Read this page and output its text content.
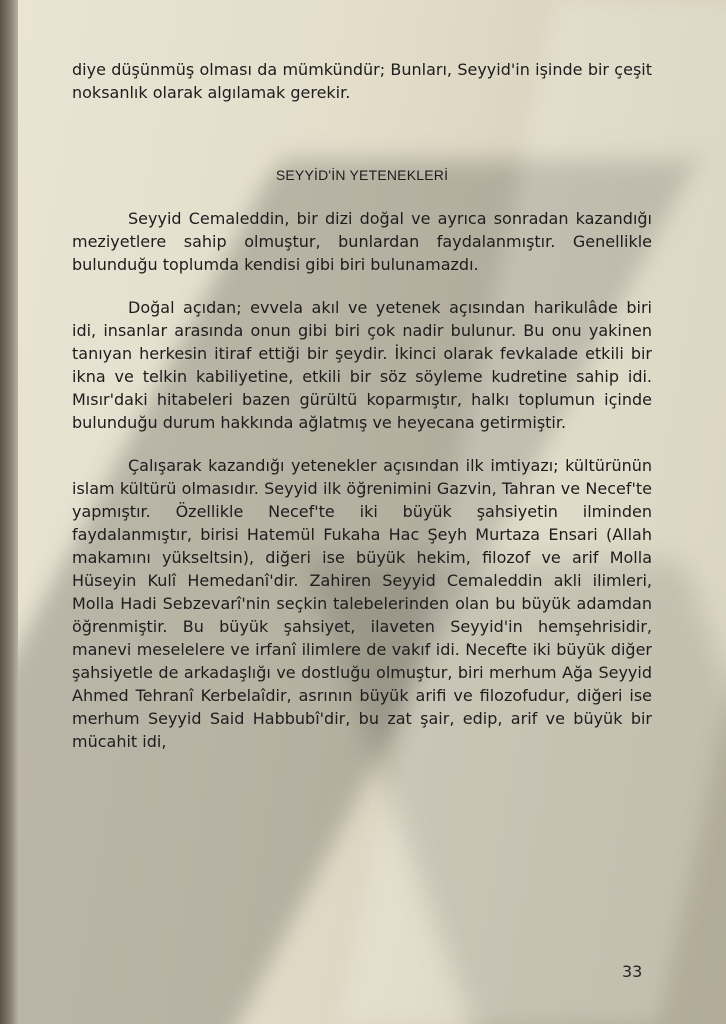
diye düşünmüş olması da mümkündür; Bunları, Seyyid'in işinde bir çeşit noksanlık olarak algılamak gerekir.

SEYYİD'İN YETENEKLERİ

Seyyid Cemaleddin, bir dizi doğal ve ayrıca sonradan kazandığı meziyetlere sahip olmuştur, bunlardan faydalanmıştır. Genellikle bulunduğu toplumda kendisi gibi biri bulunamazdı.

Doğal açıdan; evvela akıl ve yetenek açısından harikulâde biri idi, insanlar arasında onun gibi biri çok nadir bulunur. Bu onu yakinen tanıyan herkesin itiraf ettiği bir şeydir. İkinci olarak fevkalade etkili bir ikna ve telkin kabiliyetine, etkili bir söz söyleme kudretine sahip idi. Mısır'daki hitabeleri bazen gürültü koparmıştır, halkı toplumun içinde bulunduğu durum hakkında ağlatmış ve heyecana getirmiştir.

Çalışarak kazandığı yetenekler açısından ilk imtiyazı; kültürünün islam kültürü olmasıdır. Seyyid ilk öğrenimini Gazvin, Tahran ve Necef'te yapmıştır. Özellikle Necef'te iki büyük şahsiyetin ilminden faydalanmıştır, birisi Hatemül Fukaha Hac Şeyh Murtaza Ensari (Allah makamını yükseltsin), diğeri ise büyük hekim, filozof ve arif Molla Hüseyin Kulî Hemedanî'dir. Zahiren Seyyid Cemaleddin akli ilimleri, Molla Hadi Sebzevarî'nin seçkin talebelerinden olan bu büyük adamdan öğrenmiştir. Bu büyük şahsiyet, ilaveten Seyyid'in hemşehrisidir, manevi meselelere ve irfanî ilimlere de vakıf idi. Necefte iki büyük diğer şahsiyetle de arkadaşlığı ve dostluğu olmuştur, biri merhum Ağa Seyyid Ahmed Tehranî Kerbelaîdir, asrının büyük arifi ve filozofudur, diğeri ise merhum Seyyid Said Habbubî'dir, bu zat şair, edip, arif ve büyük bir mücahit idi,

33
